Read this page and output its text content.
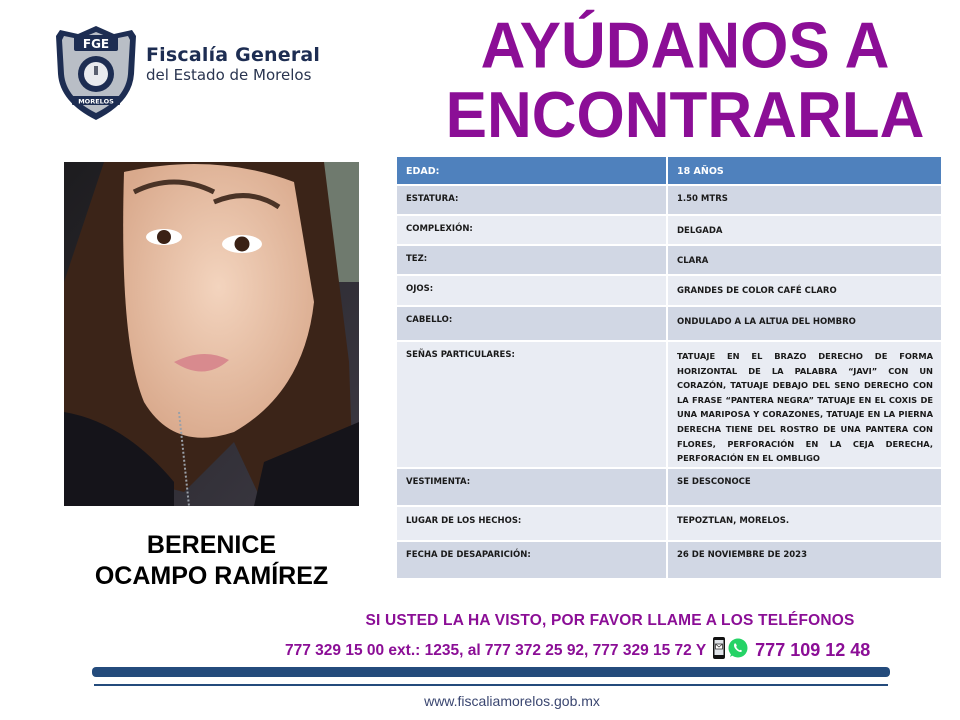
FGE
MORELOS
Fiscalía General
del Estado de Morelos	AYÚDANOS A
ENCONTRARLA
BERENICE
OCAMPO RAMÍREZ
EDAD:	18 AÑOS
ESTATURA:	1.50 MTRS
COMPLEXIÓN:	DELGADA
TEZ:	CLARA
OJOS:	GRANDES DE COLOR CAFÉ CLARO
CABELLO:	ONDULADO A LA ALTUA DEL HOMBRO
SEÑAS PARTICULARES:	TATUAJE EN EL BRAZO DERECHO DE FORMA HORIZONTAL DE LA PALABRA “JAVI” CON UN CORAZÓN, TATUAJE DEBAJO DEL SENO DERECHO CON LA FRASE “PANTERA NEGRA” TATUAJE EN EL COXIS DE UNA MARIPOSA Y CORAZONES, TATUAJE EN LA PIERNA DERECHA TIENE DEL ROSTRO DE UNA PANTERA CON FLORES, PERFORACIÓN EN LA CEJA DERECHA, PERFORACIÓN EN EL OMBLIGO
VESTIMENTA:	SE DESCONOCE
LUGAR DE LOS HECHOS:	TEPOZTLAN, MORELOS.
FECHA DE DESAPARICIÓN:	26 DE NOVIEMBRE DE 2023
SI USTED LA HA VISTO, POR FAVOR LLAME A LOS TELÉFONOS
777 329 15 00 ext.: 1235, al 777 372 25 92, 777 329 15 72 Y	777 109 12 48
www.fiscaliamorelos.gob.mx
